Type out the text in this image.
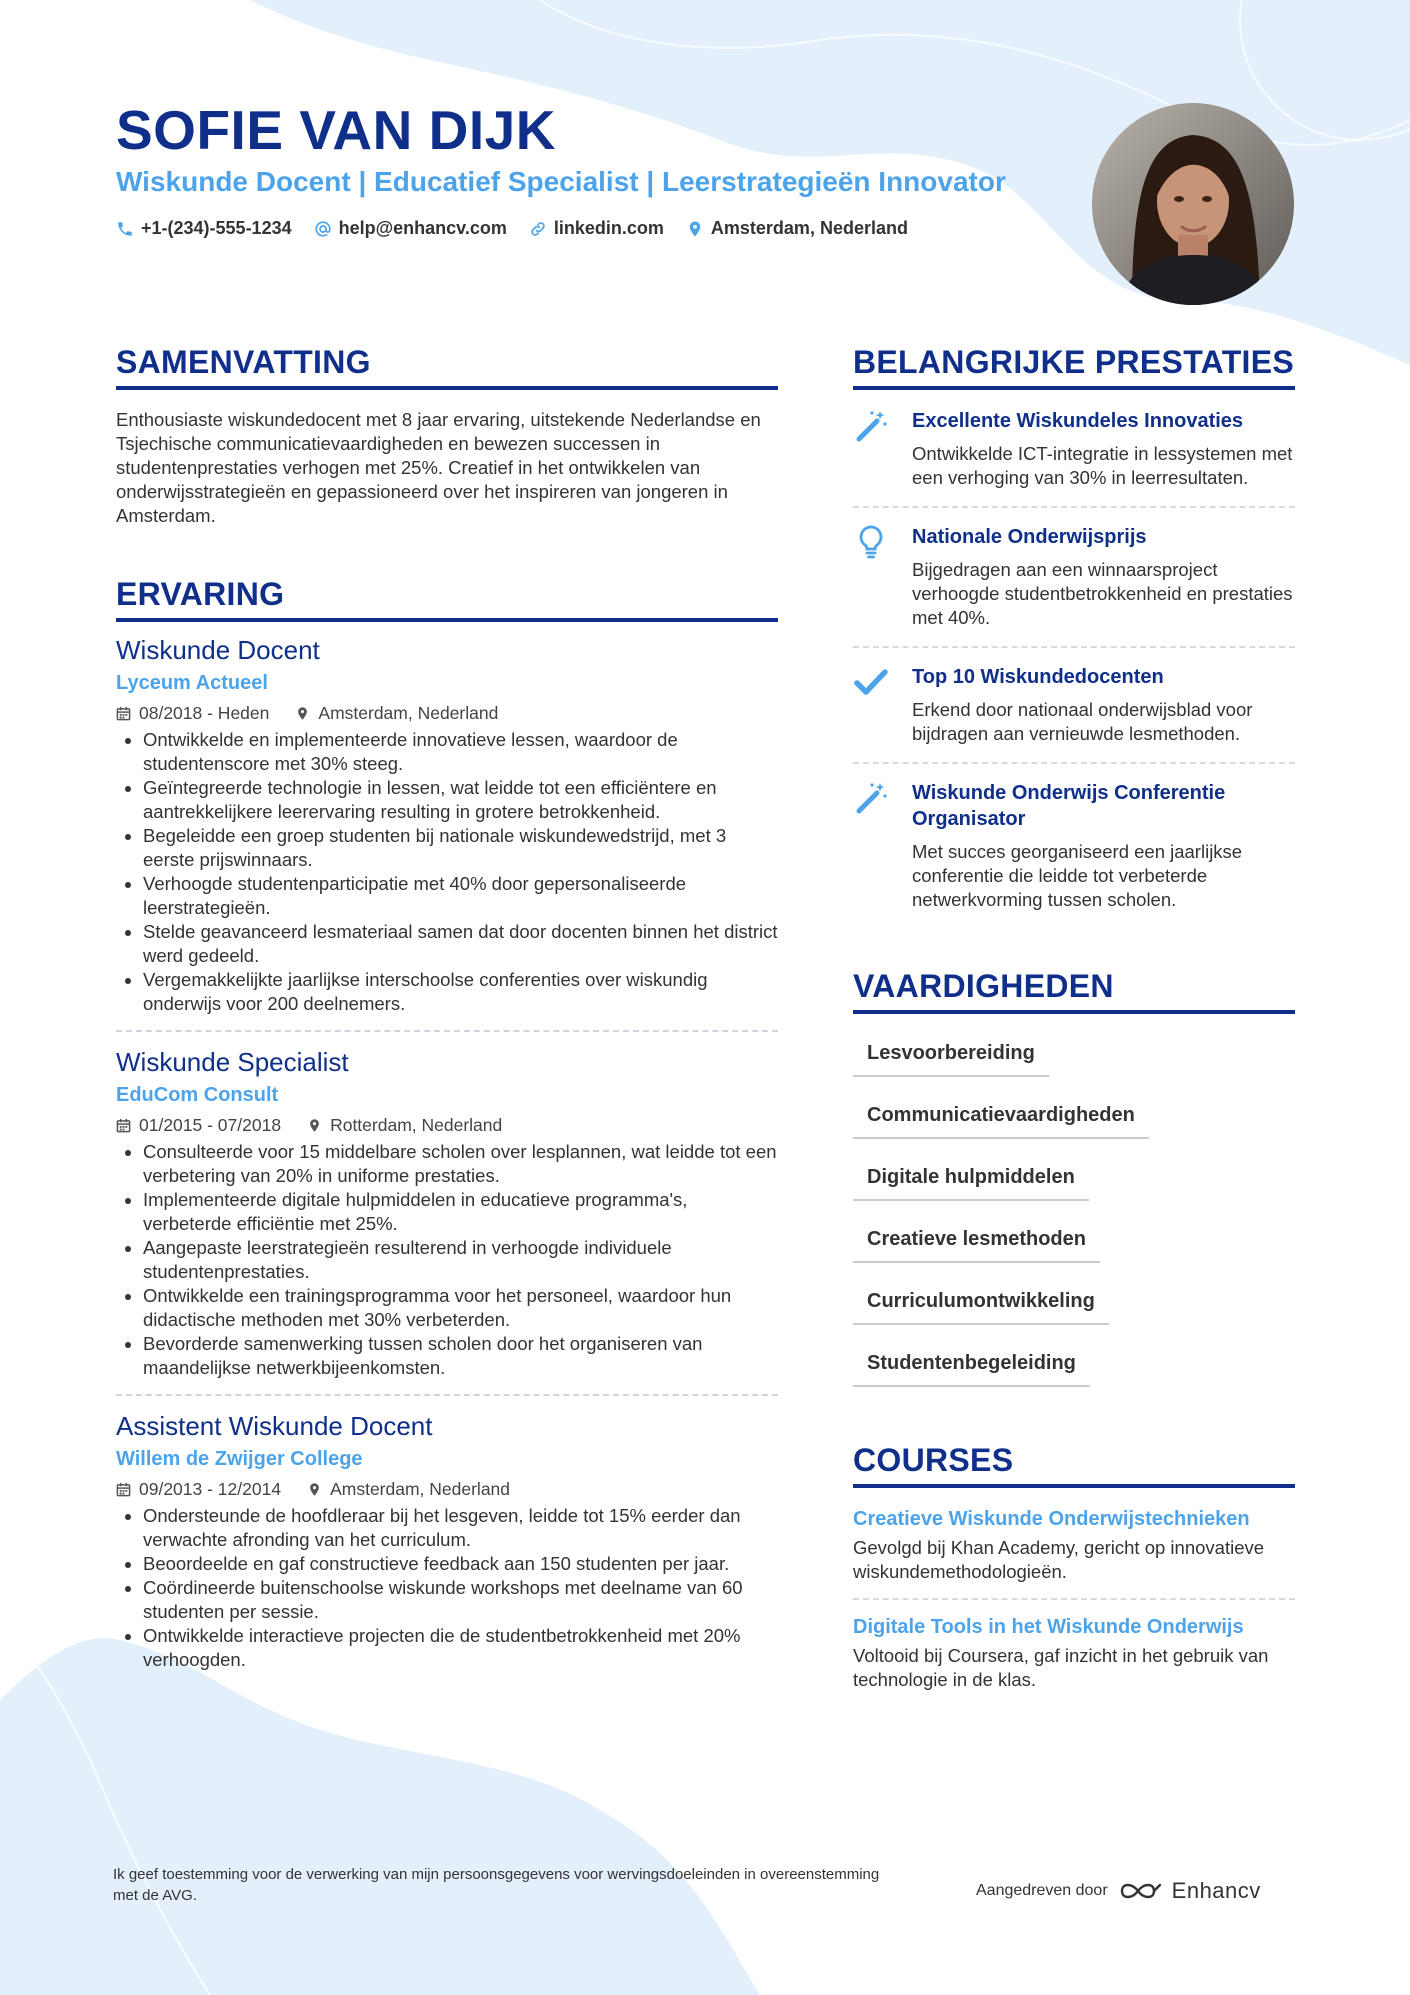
SOFIE VAN DIJK
Wiskunde Docent | Educatief Specialist | Leerstrategieën Innovator
+1-(234)-555-1234	help@enhancv.com	linkedin.com	Amsterdam, Nederland
SAMENVATTING

Enthousiaste wiskundedocent met 8 jaar ervaring, uitstekende Nederlandse en Tsjechische communicatievaardigheden en bewezen successen in studentenprestaties verhogen met 25%. Creatief in het ontwikkelen van onderwijsstrategieën en gepassioneerd over het inspireren van jongeren in Amsterdam.

ERVARING
Wiskunde Docent
Lyceum Actueel
08/2018 - Heden	Amsterdam, Nederland
• Ontwikkelde en implementeerde innovatieve lessen, waardoor de studentenscore met 30% steeg.
• Geïntegreerde technologie in lessen, wat leidde tot een efficiëntere en aantrekkelijkere leerervaring resulting in grotere betrokkenheid.
• Begeleidde een groep studenten bij nationale wiskundewedstrijd, met 3 eerste prijswinnaars.
• Verhoogde studentenparticipatie met 40% door gepersonaliseerde leerstrategieën.
• Stelde geavanceerd lesmateriaal samen dat door docenten binnen het district werd gedeeld.
• Vergemakkelijkte jaarlijkse interschoolse conferenties over wiskundig onderwijs voor 200 deelnemers.
Wiskunde Specialist
EduCom Consult
01/2015 - 07/2018	Rotterdam, Nederland
• Consulteerde voor 15 middelbare scholen over lesplannen, wat leidde tot een verbetering van 20% in uniforme prestaties.
• Implementeerde digitale hulpmiddelen in educatieve programma's, verbeterde efficiëntie met 25%.
• Aangepaste leerstrategieën resulterend in verhoogde individuele studentenprestaties.
• Ontwikkelde een trainingsprogramma voor het personeel, waardoor hun didactische methoden met 30% verbeterden.
• Bevorderde samenwerking tussen scholen door het organiseren van maandelijkse netwerkbijeenkomsten.
Assistent Wiskunde Docent
Willem de Zwijger College
09/2013 - 12/2014	Amsterdam, Nederland
• Ondersteunde de hoofdleraar bij het lesgeven, leidde tot 15% eerder dan verwachte afronding van het curriculum.
• Beoordeelde en gaf constructieve feedback aan 150 studenten per jaar.
• Coördineerde buitenschoolse wiskunde workshops met deelname van 60 studenten per sessie.
• Ontwikkelde interactieve projecten die de studentbetrokkenheid met 20% verhoogden.
BELANGRIJKE PRESTATIES
Excellente Wiskundeles Innovaties
Ontwikkelde ICT-integratie in lessystemen met een verhoging van 30% in leerresultaten.
Nationale Onderwijsprijs
Bijgedragen aan een winnaarsproject verhoogde studentbetrokkenheid en prestaties met 40%.
Top 10 Wiskundedocenten
Erkend door nationaal onderwijsblad voor bijdragen aan vernieuwde lesmethoden.
Wiskunde Onderwijs Conferentie Organisator
Met succes georganiseerd een jaarlijkse conferentie die leidde tot verbeterde netwerkvorming tussen scholen.
VAARDIGHEDEN
Lesvoorbereiding
Communicatievaardigheden
Digitale hulpmiddelen
Creatieve lesmethoden
Curriculumontwikkeling
Studentenbegeleiding
COURSES
Creatieve Wiskunde Onderwijstechnieken
Gevolgd bij Khan Academy, gericht op innovatieve wiskundemethodologieën.
Digitale Tools in het Wiskunde Onderwijs
Voltooid bij Coursera, gaf inzicht in het gebruik van technologie in de klas.
Ik geef toestemming voor de verwerking van mijn persoonsgegevens voor wervingsdoeleinden in overeenstemming met de AVG.	Aangedreven door	Enhancv
